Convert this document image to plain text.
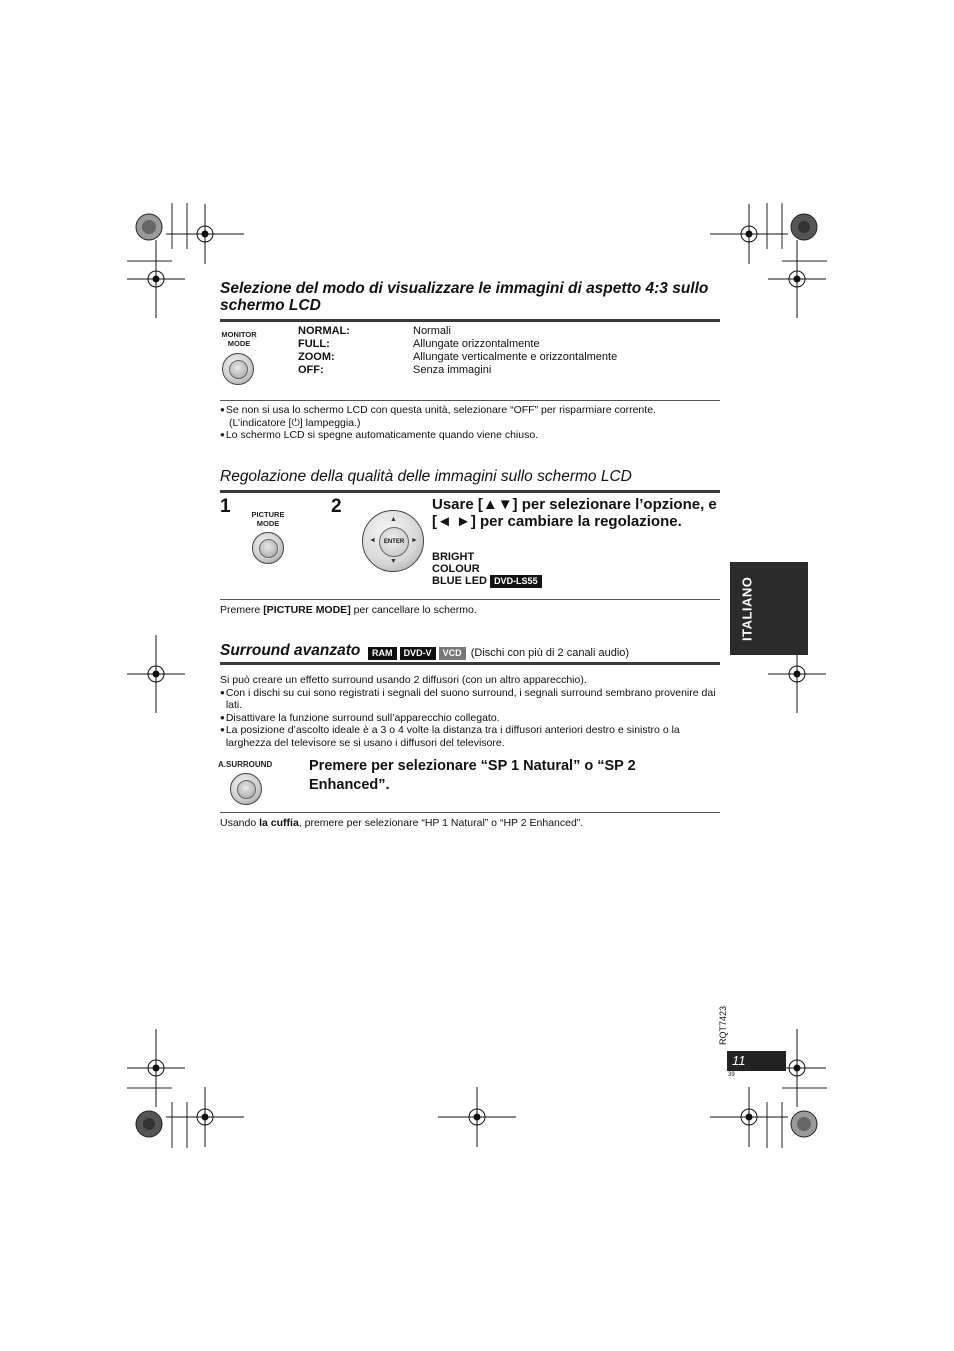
Selezione del modo di visualizzare le immagini di aspetto 4:3 sullo schermo LCD
MONITOR
MODE
NORMAL:	Normali
FULL:	Allungate orizzontalmente
ZOOM:	Allungate verticalmente e orizzontalmente
OFF:	Senza immagini
●Se non si usa lo schermo LCD con questa unità, selezionare “OFF” per risparmiare corrente.
(L’indicatore [⏻] lampeggia.)
●Lo schermo LCD si spegne automaticamente quando viene chiuso.
Regolazione della qualità delle immagini sullo schermo LCD
1	PICTURE
MODE
2
▲
▼
◄	►
ENTER
Usare [▲▼] per selezionare l’opzione, e [◄ ►] per cambiare la regolazione.
BRIGHT
COLOUR
BLUE LED DVD-LS55
Premere [PICTURE MODE] per cancellare lo schermo.
Surround avanzato	RAM DVD-V VCD (Dischi con più di 2 canali audio)
Si può creare un effetto surround usando 2 diffusori (con un altro apparecchio).
● Con i dischi su cui sono registrati i segnali del suono surround, i segnali surround sembrano provenire dai lati.
● Disattivare la funzione surround sull’apparecchio collegato.
● La posizione d’ascolto ideale è a 3 o 4 volte la distanza tra i diffusori anteriori destro e sinistro o la larghezza del televisore se si usano i diffusori del televisore.
A.SURROUND	Premere per selezionare “SP 1 Natural” o “SP 2 Enhanced”.
Usando la cuffia, premere per selezionare “HP 1 Natural” o “HP 2 Enhanced”.
ITALIANO
RQT7423
11
39
